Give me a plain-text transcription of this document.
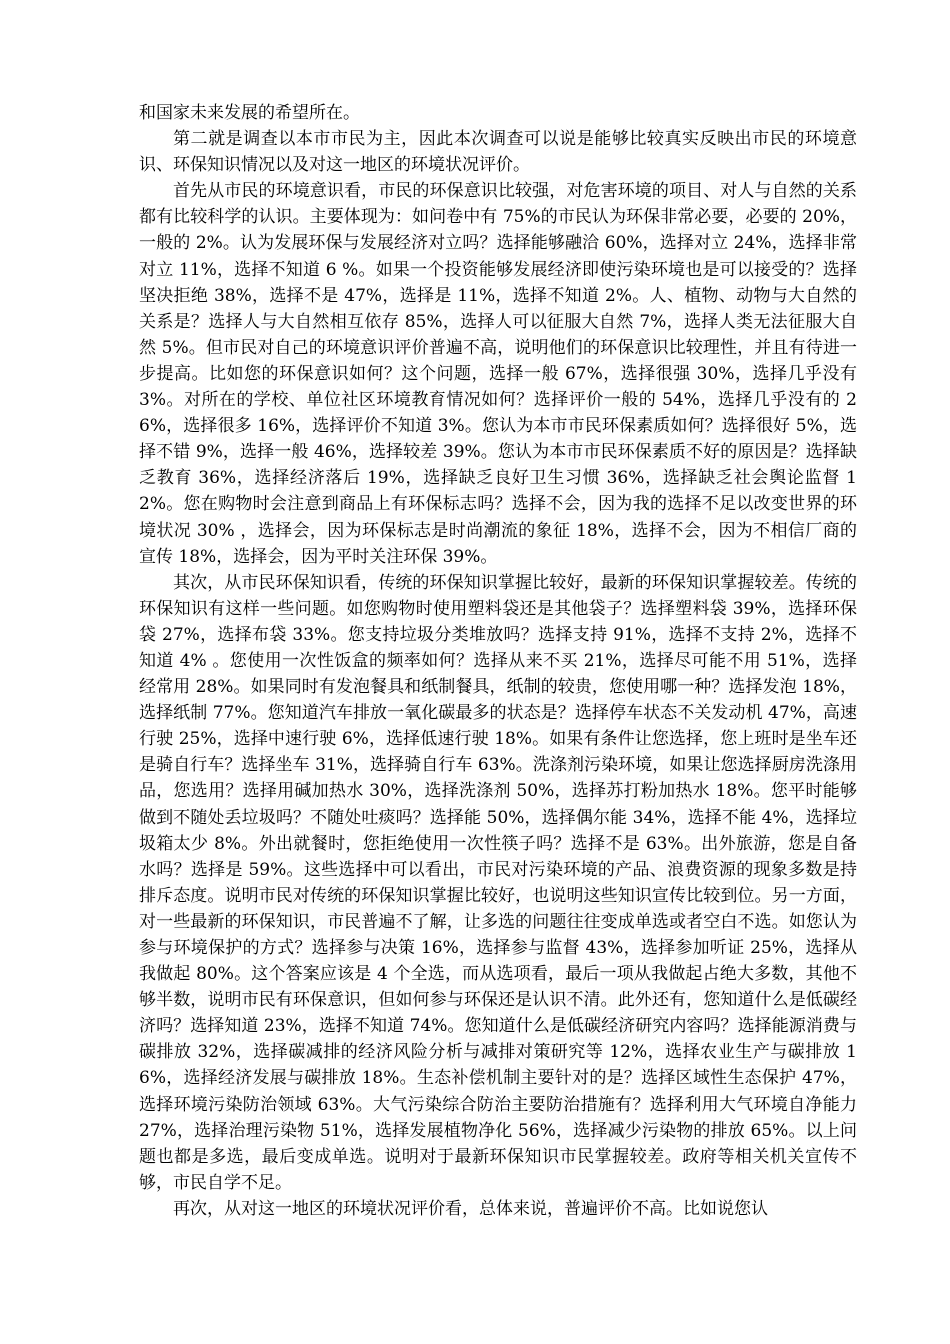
和国家未来发展的希望所在。

第二就是调查以本市市民为主，因此本次调查可以说是能够比较真实反映出市民的环境意识、环保知识情况以及对这一地区的环境状况评价。

首先从市民的环境意识看，市民的环保意识比较强，对危害环境的项目、对人与自然的关系都有比较科学的认识。主要体现为：如问卷中有 75%的市民认为环保非常必要，必要的 20%，一般的 2%。认为发展环保与发展经济对立吗？选择能够融洽 60%，选择对立 24%，选择非常对立 11%，选择不知道 6 %。如果一个投资能够发展经济即使污染环境也是可以接受的？选择坚决拒绝 38%，选择不是 47%，选择是 11%，选择不知道 2%。人、植物、动物与大自然的关系是？选择人与大自然相互依存 85%，选择人可以征服大自然 7%，选择人类无法征服大自然 5%。但市民对自己的环境意识评价普遍不高，说明他们的环保意识比较理性，并且有待进一步提高。比如您的环保意识如何？这个问题，选择一般 67%，选择很强 30%，选择几乎没有 3%。对所在的学校、单位社区环境教育情况如何？选择评价一般的 54%，选择几乎没有的 26%，选择很多 16%，选择评价不知道 3%。您认为本市市民环保素质如何？选择很好 5%，选择不错 9%，选择一般 46%，选择较差 39%。您认为本市市民环保素质不好的原因是？选择缺乏教育 36%，选择经济落后 19%，选择缺乏良好卫生习惯 36%，选择缺乏社会舆论监督 12%。您在购物时会注意到商品上有环保标志吗？选择不会，因为我的选择不足以改变世界的环境状况 30% ，选择会，因为环保标志是时尚潮流的象征 18%，选择不会，因为不相信厂商的宣传 18%，选择会，因为平时关注环保 39%。

其次，从市民环保知识看，传统的环保知识掌握比较好，最新的环保知识掌握较差。传统的环保知识有这样一些问题。如您购物时使用塑料袋还是其他袋子？选择塑料袋 39%，选择环保袋 27%，选择布袋 33%。您支持垃圾分类堆放吗？选择支持 91%，选择不支持 2%，选择不知道 4% 。您使用一次性饭盒的频率如何？选择从来不买 21%，选择尽可能不用 51%，选择经常用 28%。如果同时有发泡餐具和纸制餐具，纸制的较贵，您使用哪一种？选择发泡 18%，选择纸制 77%。您知道汽车排放一氧化碳最多的状态是？选择停车状态不关发动机 47%，高速行驶 25%，选择中速行驶 6%，选择低速行驶 18%。如果有条件让您选择，您上班时是坐车还是骑自行车？选择坐车 31%，选择骑自行车 63%。洗涤剂污染环境，如果让您选择厨房洗涤用品，您选用？选择用碱加热水 30%，选择洗涤剂 50%，选择苏打粉加热水 18%。您平时能够做到不随处丢垃圾吗？不随处吐痰吗？选择能 50%，选择偶尔能 34%，选择不能 4%，选择垃圾箱太少 8%。外出就餐时，您拒绝使用一次性筷子吗？选择不是 63%。出外旅游，您是自备水吗？选择是 59%。这些选择中可以看出，市民对污染环境的产品、浪费资源的现象多数是持排斥态度。说明市民对传统的环保知识掌握比较好，也说明这些知识宣传比较到位。另一方面，对一些最新的环保知识，市民普遍不了解，让多选的问题往往变成单选或者空白不选。如您认为参与环境保护的方式？选择参与决策 16%，选择参与监督 43%，选择参加听证 25%，选择从我做起 80%。这个答案应该是 4 个全选，而从选项看，最后一项从我做起占绝大多数，其他不够半数，说明市民有环保意识，但如何参与环保还是认识不清。此外还有，您知道什么是低碳经济吗？选择知道 23%，选择不知道 74%。您知道什么是低碳经济研究内容吗？选择能源消费与碳排放 32%，选择碳减排的经济风险分析与减排对策研究等 12%，选择农业生产与碳排放 16%，选择经济发展与碳排放 18%。生态补偿机制主要针对的是？选择区域性生态保护 47%，选择环境污染防治领域 63%。大气污染综合防治主要防治措施有？选择利用大气环境自净能力 27%，选择治理污染物 51%，选择发展植物净化 56%，选择减少污染物的排放 65%。以上问题也都是多选，最后变成单选。说明对于最新环保知识市民掌握较差。政府等相关机关宣传不够，市民自学不足。

再次，从对这一地区的环境状况评价看，总体来说，普遍评价不高。比如说您认
